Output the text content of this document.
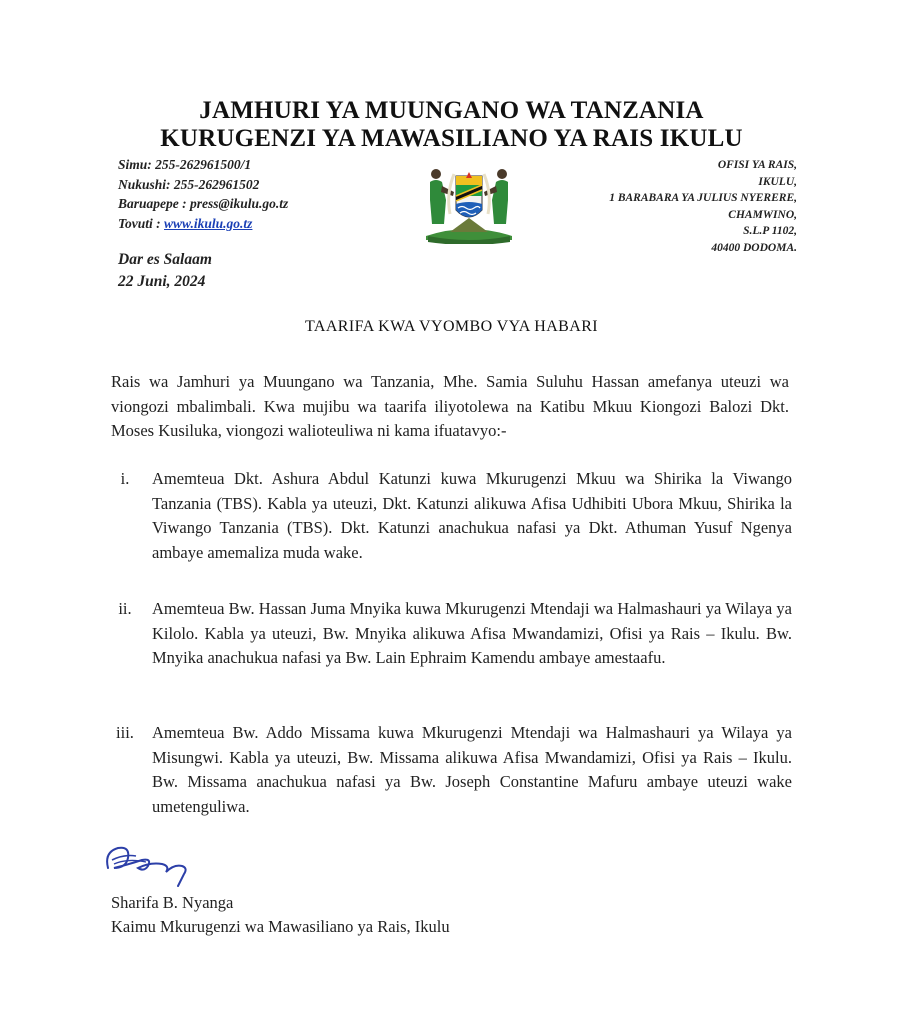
JAMHURI YA MUUNGANO WA TANZANIA
KURUGENZI YA MAWASILIANO YA RAIS IKULU
Simu: 255-262961500/1
Nukushi: 255-262961502
Baruapepe : press@ikulu.go.tz
Tovuti : www.ikulu.go.tz
OFISI YA RAIS,
IKULU,
1 BARABARA YA JULIUS NYERERE,
CHAMWINO,
S.L.P 1102,
40400 DODOMA.
Dar es Salaam
22 Juni, 2024
TAARIFA KWA VYOMBO VYA HABARI
Rais wa Jamhuri ya Muungano wa Tanzania, Mhe. Samia Suluhu Hassan amefanya uteuzi wa viongozi mbalimbali. Kwa mujibu wa taarifa iliyotolewa na Katibu Mkuu Kiongozi Balozi Dkt. Moses Kusiluka, viongozi walioteuliwa ni kama ifuatavyo:-
i.	Amemteua Dkt. Ashura Abdul Katunzi kuwa Mkurugenzi Mkuu wa Shirika la Viwango Tanzania (TBS). Kabla ya uteuzi, Dkt. Katunzi alikuwa Afisa Udhibiti Ubora Mkuu, Shirika la Viwango Tanzania (TBS). Dkt. Katunzi anachukua nafasi ya Dkt. Athuman Yusuf Ngenya ambaye amemaliza muda wake.
ii.	Amemteua Bw. Hassan Juma Mnyika kuwa Mkurugenzi Mtendaji wa Halmashauri ya Wilaya ya Kilolo. Kabla ya uteuzi, Bw. Mnyika alikuwa Afisa Mwandamizi, Ofisi ya Rais – Ikulu. Bw. Mnyika anachukua nafasi ya Bw. Lain Ephraim Kamendu ambaye amestaafu.
iii.	Amemteua Bw. Addo Missama kuwa Mkurugenzi Mtendaji wa Halmashauri ya Wilaya ya Misungwi. Kabla ya uteuzi, Bw. Missama alikuwa Afisa Mwandamizi, Ofisi ya Rais – Ikulu. Bw. Missama anachukua nafasi ya Bw. Joseph Constantine Mafuru ambaye uteuzi wake umetenguliwa.
Sharifa B. Nyanga
Kaimu Mkurugenzi wa Mawasiliano ya Rais, Ikulu
